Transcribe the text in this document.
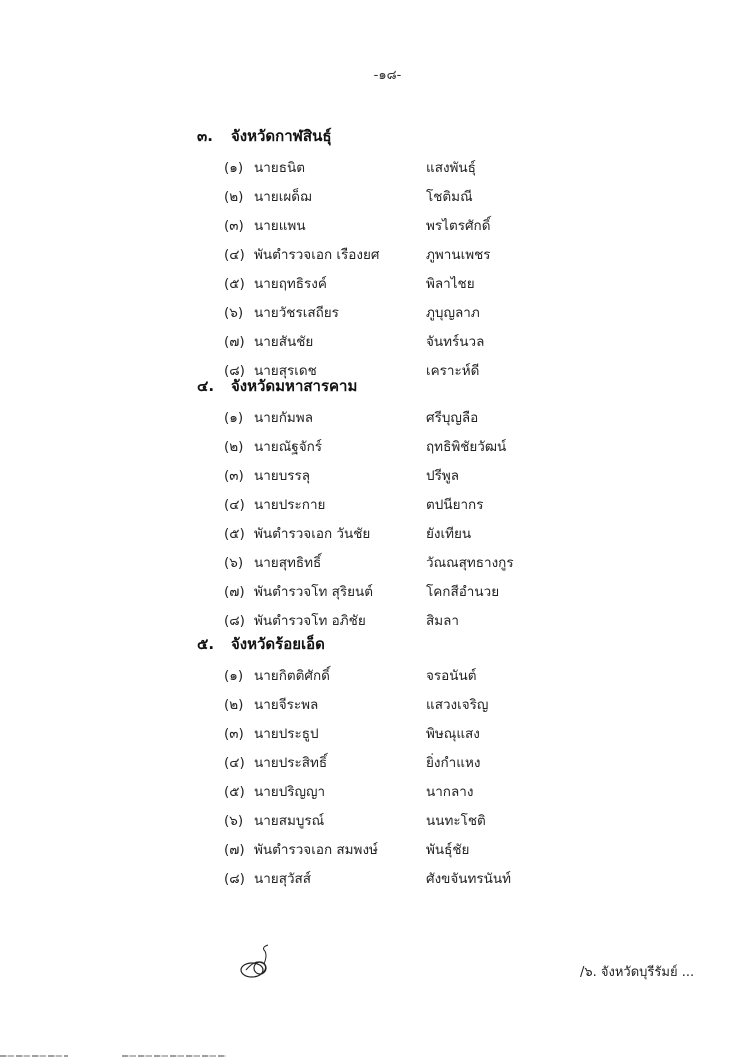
-๑๘-
๓.	จังหวัดกาฬสินธุ์
(๑) นายธนิต	แสงพันธุ์
(๒) นายเผด็ฌ	โชติมณี
(๓) นายแพน	พรไตรศักดิ์
(๔) พันตำรวจเอก เรืองยศ	ภูพานเพชร
(๕) นายฤทธิรงค์	พิลาไชย
(๖) นายวัชรเสถียร	ภูบุญลาภ
(๗) นายสันชัย	จันทร์นวล
(๘) นายสุรเดช	เคราะห์ดี
๔.	จังหวัดมหาสารคาม
(๑) นายกัมพล	ศรีบุญลือ
(๒) นายณัฐจักร์	ฤทธิพิชัยวัฒน์
(๓) นายบรรลุ	ปรีพูล
(๔) นายประกาย	ตปนียากร
(๕) พันตำรวจเอก วันชัย	ยังเทียน
(๖) นายสุทธิทธิ์	วัณณสุทธางกูร
(๗) พันตำรวจโท สุริยนต์	โคกสีอำนวย
(๘) พันตำรวจโท อภิชัย	สิมลา
๕.	จังหวัดร้อยเอ็ด
(๑) นายกิตติศักดิ์	จรอนันต์
(๒) นายจีระพล	แสวงเจริญ
(๓) นายประธูป	พิษณุแสง
(๔) นายประสิทธิ์	ยิ่งกำแหง
(๕) นายปริญญา	นากลาง
(๖) นายสมบูรณ์	นนทะโชติ
(๗) พันตำรวจเอก สมพงษ์	พันธุ์ชัย
(๘) นายสุวัสส์	ศังขจันทรนันท์
/๖. จังหวัดบุรีรัมย์ ...
